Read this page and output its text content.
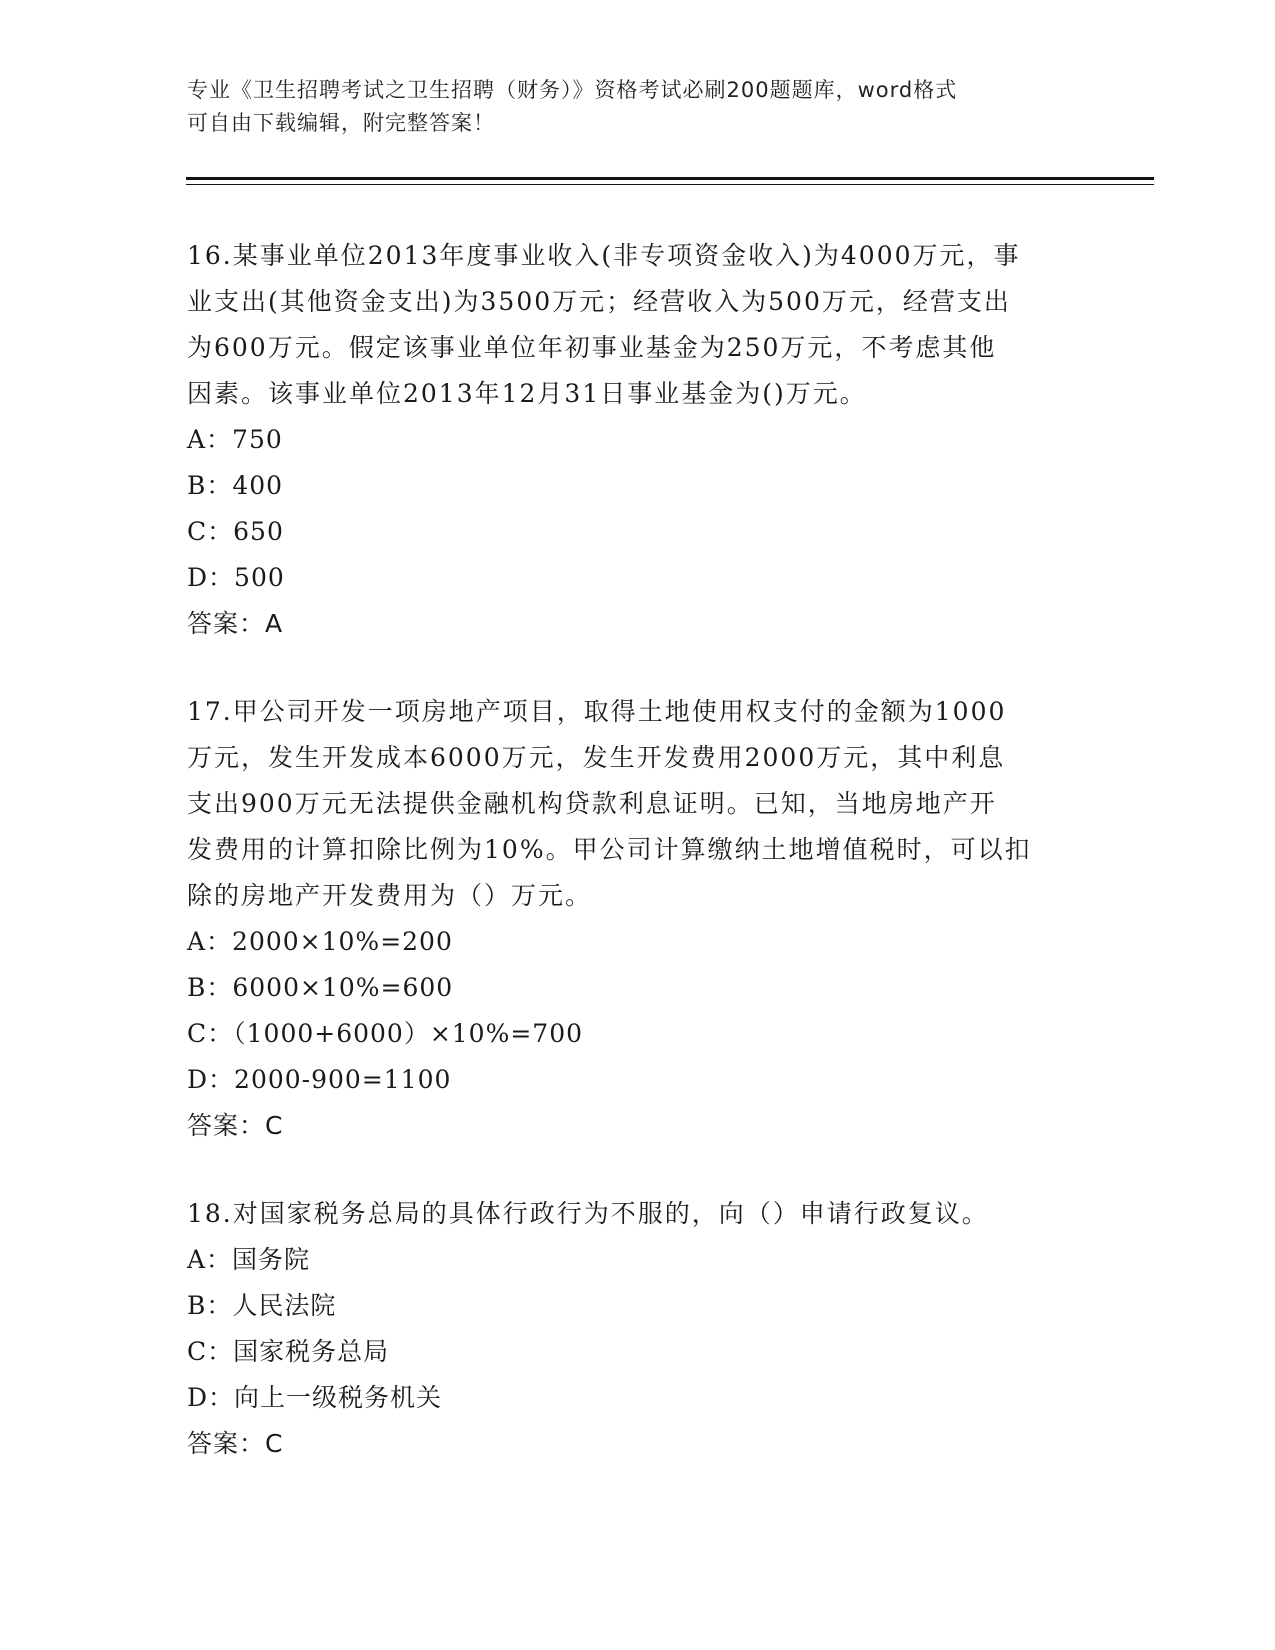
专业《卫生招聘考试之卫生招聘（财务）》资格考试必刷200题题库，word格式
可自由下载编辑，附完整答案！

16.某事业单位2013年度事业收入(非专项资金收入)为4000万元，事

业支出(其他资金支出)为3500万元；经营收入为500万元，经营支出

为600万元。假定该事业单位年初事业基金为250万元，不考虑其他

因素。该事业单位2013年12月31日事业基金为()万元。

A：750

B：400

C：650

D：500

答案：A

17.甲公司开发一项房地产项目，取得土地使用权支付的金额为1000

万元，发生开发成本6000万元，发生开发费用2000万元，其中利息

支出900万元无法提供金融机构贷款利息证明。已知，当地房地产开

发费用的计算扣除比例为10%。甲公司计算缴纳土地增值税时，可以扣

除的房地产开发费用为（）万元。

A：2000×10%=200

B：6000×10%=600

C：（1000+6000）×10%=700

D：2000-900=1100

答案：C

18.对国家税务总局的具体行政行为不服的，向（）申请行政复议。

A：国务院

B：人民法院

C：国家税务总局

D：向上一级税务机关

答案：C
